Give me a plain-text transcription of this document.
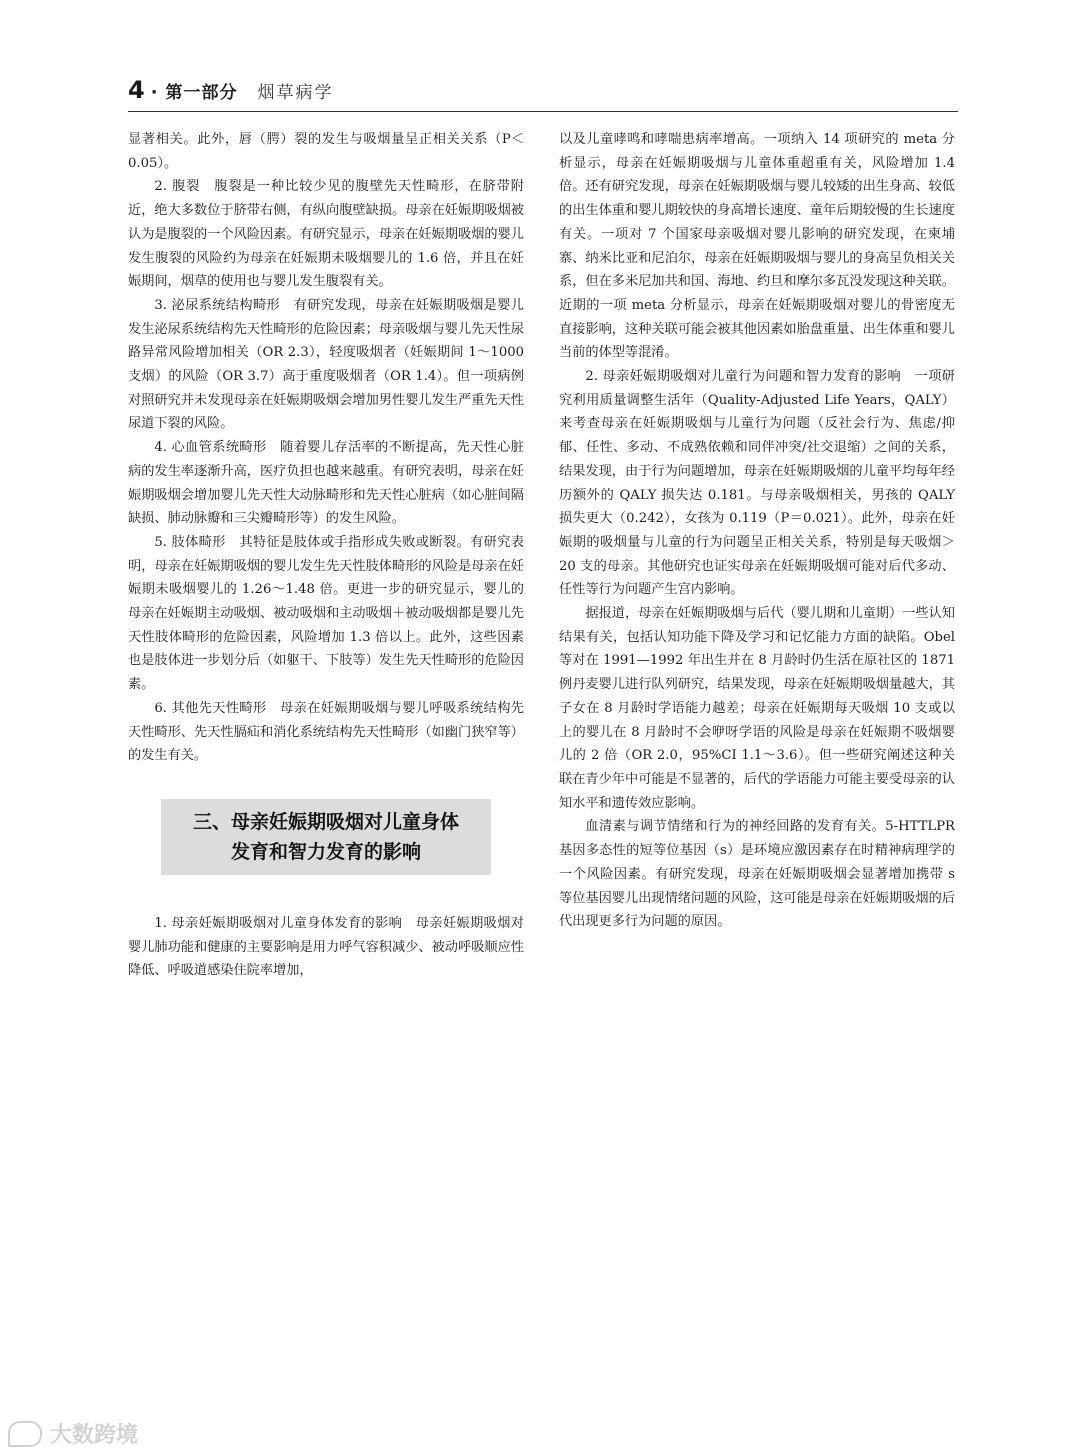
4 · 第一部分 烟草病学

显著相关。此外，唇（腭）裂的发生与吸烟量呈正相关关系（P＜0.05）。

2. 腹裂　腹裂是一种比较少见的腹壁先天性畸形，在脐带附近，绝大多数位于脐带右侧，有纵向腹壁缺损。母亲在妊娠期吸烟被认为是腹裂的一个风险因素。有研究显示，母亲在妊娠期吸烟的婴儿发生腹裂的风险约为母亲在妊娠期未吸烟婴儿的 1.6 倍，并且在妊娠期间，烟草的使用也与婴儿发生腹裂有关。

3. 泌尿系统结构畸形　有研究发现，母亲在妊娠期吸烟是婴儿发生泌尿系统结构先天性畸形的危险因素；母亲吸烟与婴儿先天性尿路异常风险增加相关（OR 2.3），轻度吸烟者（妊娠期间 1～1000 支烟）的风险（OR 3.7）高于重度吸烟者（OR 1.4）。但一项病例对照研究并未发现母亲在妊娠期吸烟会增加男性婴儿发生严重先天性尿道下裂的风险。

4. 心血管系统畸形　随着婴儿存活率的不断提高，先天性心脏病的发生率逐渐升高，医疗负担也越来越重。有研究表明，母亲在妊娠期吸烟会增加婴儿先天性大动脉畸形和先天性心脏病（如心脏间隔缺损、肺动脉瓣和三尖瓣畸形等）的发生风险。

5. 肢体畸形　其特征是肢体或手指形成失败或断裂。有研究表明，母亲在妊娠期吸烟的婴儿发生先天性肢体畸形的风险是母亲在妊娠期未吸烟婴儿的 1.26～1.48 倍。更进一步的研究显示，婴儿的母亲在妊娠期主动吸烟、被动吸烟和主动吸烟＋被动吸烟都是婴儿先天性肢体畸形的危险因素，风险增加 1.3 倍以上。此外，这些因素也是肢体进一步划分后（如躯干、下肢等）发生先天性畸形的危险因素。

6. 其他先天性畸形　母亲在妊娠期吸烟与婴儿呼吸系统结构先天性畸形、先天性膈疝和消化系统结构先天性畸形（如幽门狭窄等）的发生有关。

三、母亲妊娠期吸烟对儿童身体
发育和智力发育的影响

1. 母亲妊娠期吸烟对儿童身体发育的影响　母亲妊娠期吸烟对婴儿肺功能和健康的主要影响是用力呼气容积减少、被动呼吸顺应性降低、呼吸道感染住院率增加，

以及儿童哮鸣和哮喘患病率增高。一项纳入 14 项研究的 meta 分析显示，母亲在妊娠期吸烟与儿童体重超重有关，风险增加 1.4 倍。还有研究发现，母亲在妊娠期吸烟与婴儿较矮的出生身高、较低的出生体重和婴儿期较快的身高增长速度、童年后期较慢的生长速度有关。一项对 7 个国家母亲吸烟对婴儿影响的研究发现，在柬埔寨、纳米比亚和尼泊尔，母亲在妊娠期吸烟与婴儿的身高呈负相关关系，但在多米尼加共和国、海地、约旦和摩尔多瓦没发现这种关联。近期的一项 meta 分析显示，母亲在妊娠期吸烟对婴儿的骨密度无直接影响，这种关联可能会被其他因素如胎盘重量、出生体重和婴儿当前的体型等混淆。

2. 母亲妊娠期吸烟对儿童行为问题和智力发育的影响　一项研究利用质量调整生活年（Quality-Adjusted Life Years，QALY）来考查母亲在妊娠期吸烟与儿童行为问题（反社会行为、焦虑/抑郁、任性、多动、不成熟依赖和同伴冲突/社交退缩）之间的关系，结果发现，由于行为问题增加，母亲在妊娠期吸烟的儿童平均每年经历额外的 QALY 损失达 0.181。与母亲吸烟相关，男孩的 QALY 损失更大（0.242），女孩为 0.119（P＝0.021）。此外，母亲在妊娠期的吸烟量与儿童的行为问题呈正相关关系，特别是每天吸烟＞20 支的母亲。其他研究也证实母亲在妊娠期吸烟可能对后代多动、任性等行为问题产生宫内影响。

据报道，母亲在妊娠期吸烟与后代（婴儿期和儿童期）一些认知结果有关，包括认知功能下降及学习和记忆能力方面的缺陷。Obel 等对在 1991—1992 年出生并在 8 月龄时仍生活在原社区的 1871 例丹麦婴儿进行队列研究，结果发现，母亲在妊娠期吸烟量越大，其子女在 8 月龄时学语能力越差；母亲在妊娠期每天吸烟 10 支或以上的婴儿在 8 月龄时不会咿呀学语的风险是母亲在妊娠期不吸烟婴儿的 2 倍（OR 2.0，95%CI 1.1～3.6）。但一些研究阐述这种关联在青少年中可能是不显著的，后代的学语能力可能主要受母亲的认知水平和遗传效应影响。

血清素与调节情绪和行为的神经回路的发育有关。5-HTTLPR 基因多态性的短等位基因（s）是环境应激因素存在时精神病理学的一个风险因素。有研究发现，母亲在妊娠期吸烟会显著增加携带 s 等位基因婴儿出现情绪问题的风险，这可能是母亲在妊娠期吸烟的后代出现更多行为问题的原因。

大数跨境
